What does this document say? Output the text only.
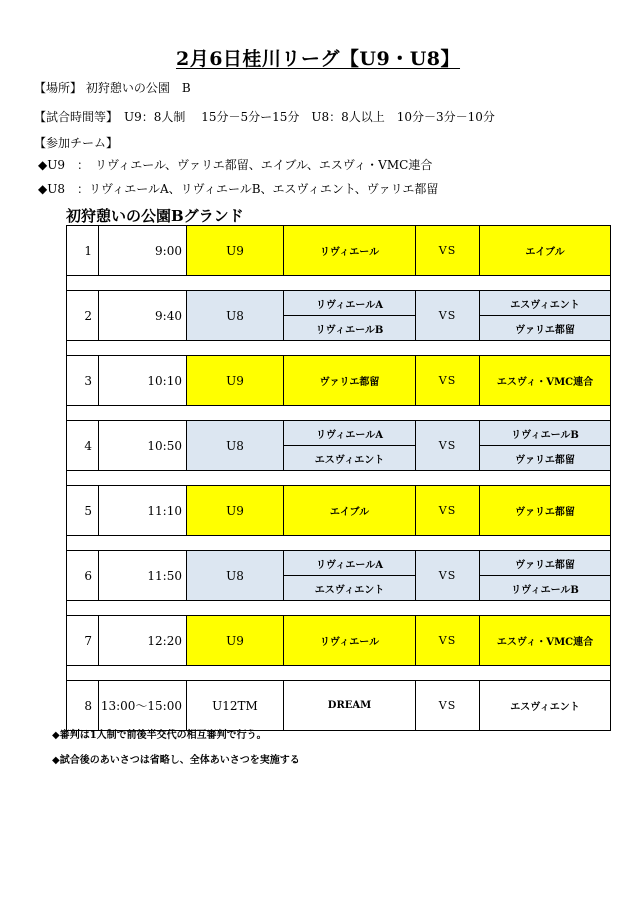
2月6日桂川リーグ【U9・U8】
【場所】 初狩憩いの公園　B
【試合時間等】　U9：8人制　 15分－5分ー15分　U8：8人以上　10分－3分－10分
【参加チーム】
◆U9　：　リヴィエール、ヴァリエ都留、エイブル、エスヴィ・VMC連合
◆U8　：リヴィエールA、リヴィエールB、エスヴィエント、ヴァリエ都留
初狩憩いの公園Bグランド
1	9:00	U9	リヴィエール	VS	エイブル

2	9:40	U8	リヴィエールA	VS	エスヴィエント
			リヴィエールB		ヴァリエ都留

3	10:10	U9	ヴァリエ都留	VS	エスヴィ・VMC連合

4	10:50	U8	リヴィエールA	VS	リヴィエールB
			エスヴィエント		ヴァリエ都留

5	11:10	U9	エイブル	VS	ヴァリエ都留

6	11:50	U8	リヴィエールA	VS	ヴァリエ都留
			エスヴィエント		リヴィエールB

7	12:20	U9	リヴィエール	VS	エスヴィ・VMC連合

8	13:00～15:00	U12TM	DREAM	VS	エスヴィエント
◆審判は1人制で前後半交代の相互審判で行う。
◆試合後のあいさつは省略し、全体あいさつを実施する
